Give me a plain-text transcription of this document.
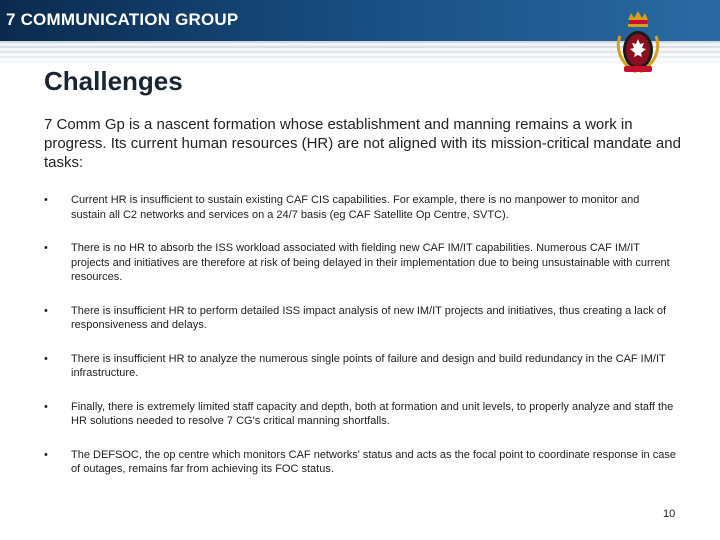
7 COMMUNICATION GROUP
Challenges
7 Comm Gp is a nascent formation whose establishment and manning remains a work in progress. Its current human resources (HR) are not aligned with its mission-critical mandate and tasks:
• Current HR is insufficient to sustain existing CAF CIS capabilities. For example, there is no manpower to monitor and sustain all C2 networks and services on a 24/7 basis (eg CAF Satellite Op Centre, SVTC).
• There is no HR to absorb the ISS workload associated with fielding new CAF IM/IT capabilities. Numerous CAF IM/IT projects and initiatives are therefore at risk of being delayed in their implementation due to being unsustainable with current resources.
• There is insufficient HR to perform detailed ISS impact analysis of new IM/IT projects and initiatives, thus creating a lack of responsiveness and delays.
• There is insufficient HR to analyze the numerous single points of failure and design and build redundancy in the CAF IM/IT infrastructure.
• Finally, there is extremely limited staff capacity and depth, both at formation and unit levels, to properly analyze and staff the HR solutions needed to resolve 7 CG's critical manning shortfalls.
• The DEFSOC, the op centre which monitors CAF networks' status and acts as the focal point to coordinate response in case of outages, remains far from achieving its FOC status.
10
